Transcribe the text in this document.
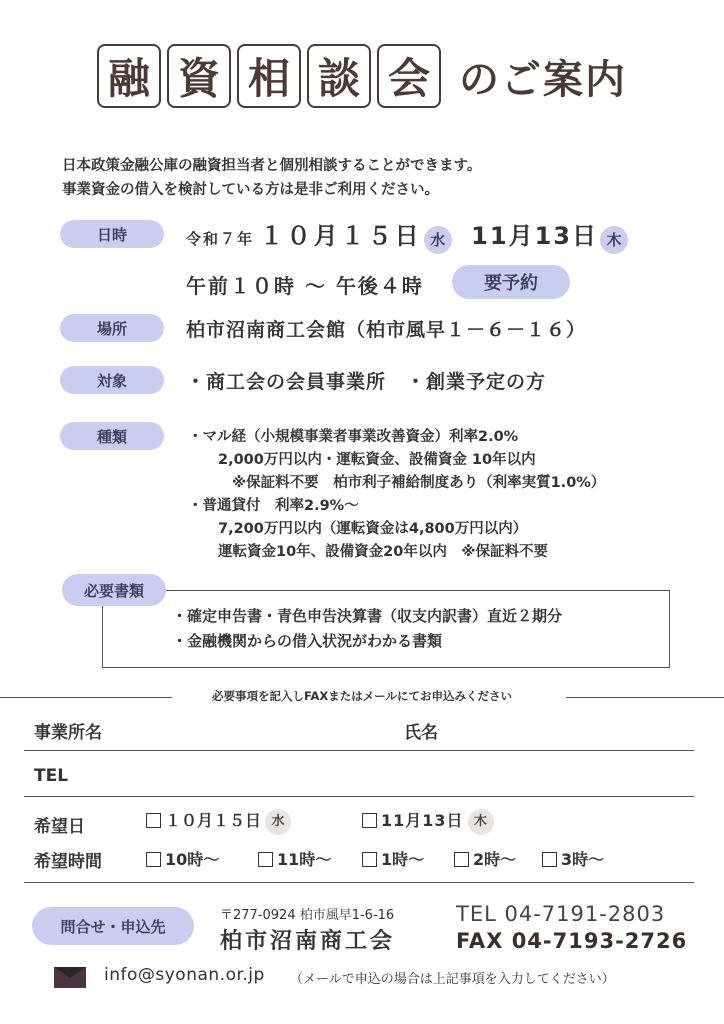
融 資 相 談 会 のご案内
日本政策金融公庫の融資担当者と個別相談することができます。
事業資金の借入を検討している方は是非ご利用ください。
日時	令和７年 １０月１５日 水 11月13日 木
午前１０時 〜 午後４時	要予約
場所	柏市沼南商工会館（柏市風早１－６－１６）
対象	・商工会の会員事業所　・創業予定の方
種類	・マル経（小規模事業者事業改善資金）利率2.0%
2,000万円以内・運転資金、設備資金 10年以内
※保証料不要　柏市利子補給制度あり（利率実質1.0%）
・普通貸付　利率2.9%〜
7,200万円以内（運転資金は4,800万円以内）
運転資金10年、設備資金20年以内　※保証料不要
必要書類
・確定申告書・青色申告決算書（収支内訳書）直近２期分
・金融機関からの借入状況がわかる書類
必要事項を記入しFAXまたはメールにてお申込みください
事業所名	氏名
TEL
希望日	１０月１５日 水	11月13日 木
希望時間	10時〜	11時〜	1時〜	2時〜	3時〜
問合せ・申込先
〒277-0924 柏市風早1-6-16
柏市沼南商工会
TEL 04-7191-2803
FAX 04-7193-2726
info@syonan.or.jp （メールで申込の場合は上記事項を入力してください）
